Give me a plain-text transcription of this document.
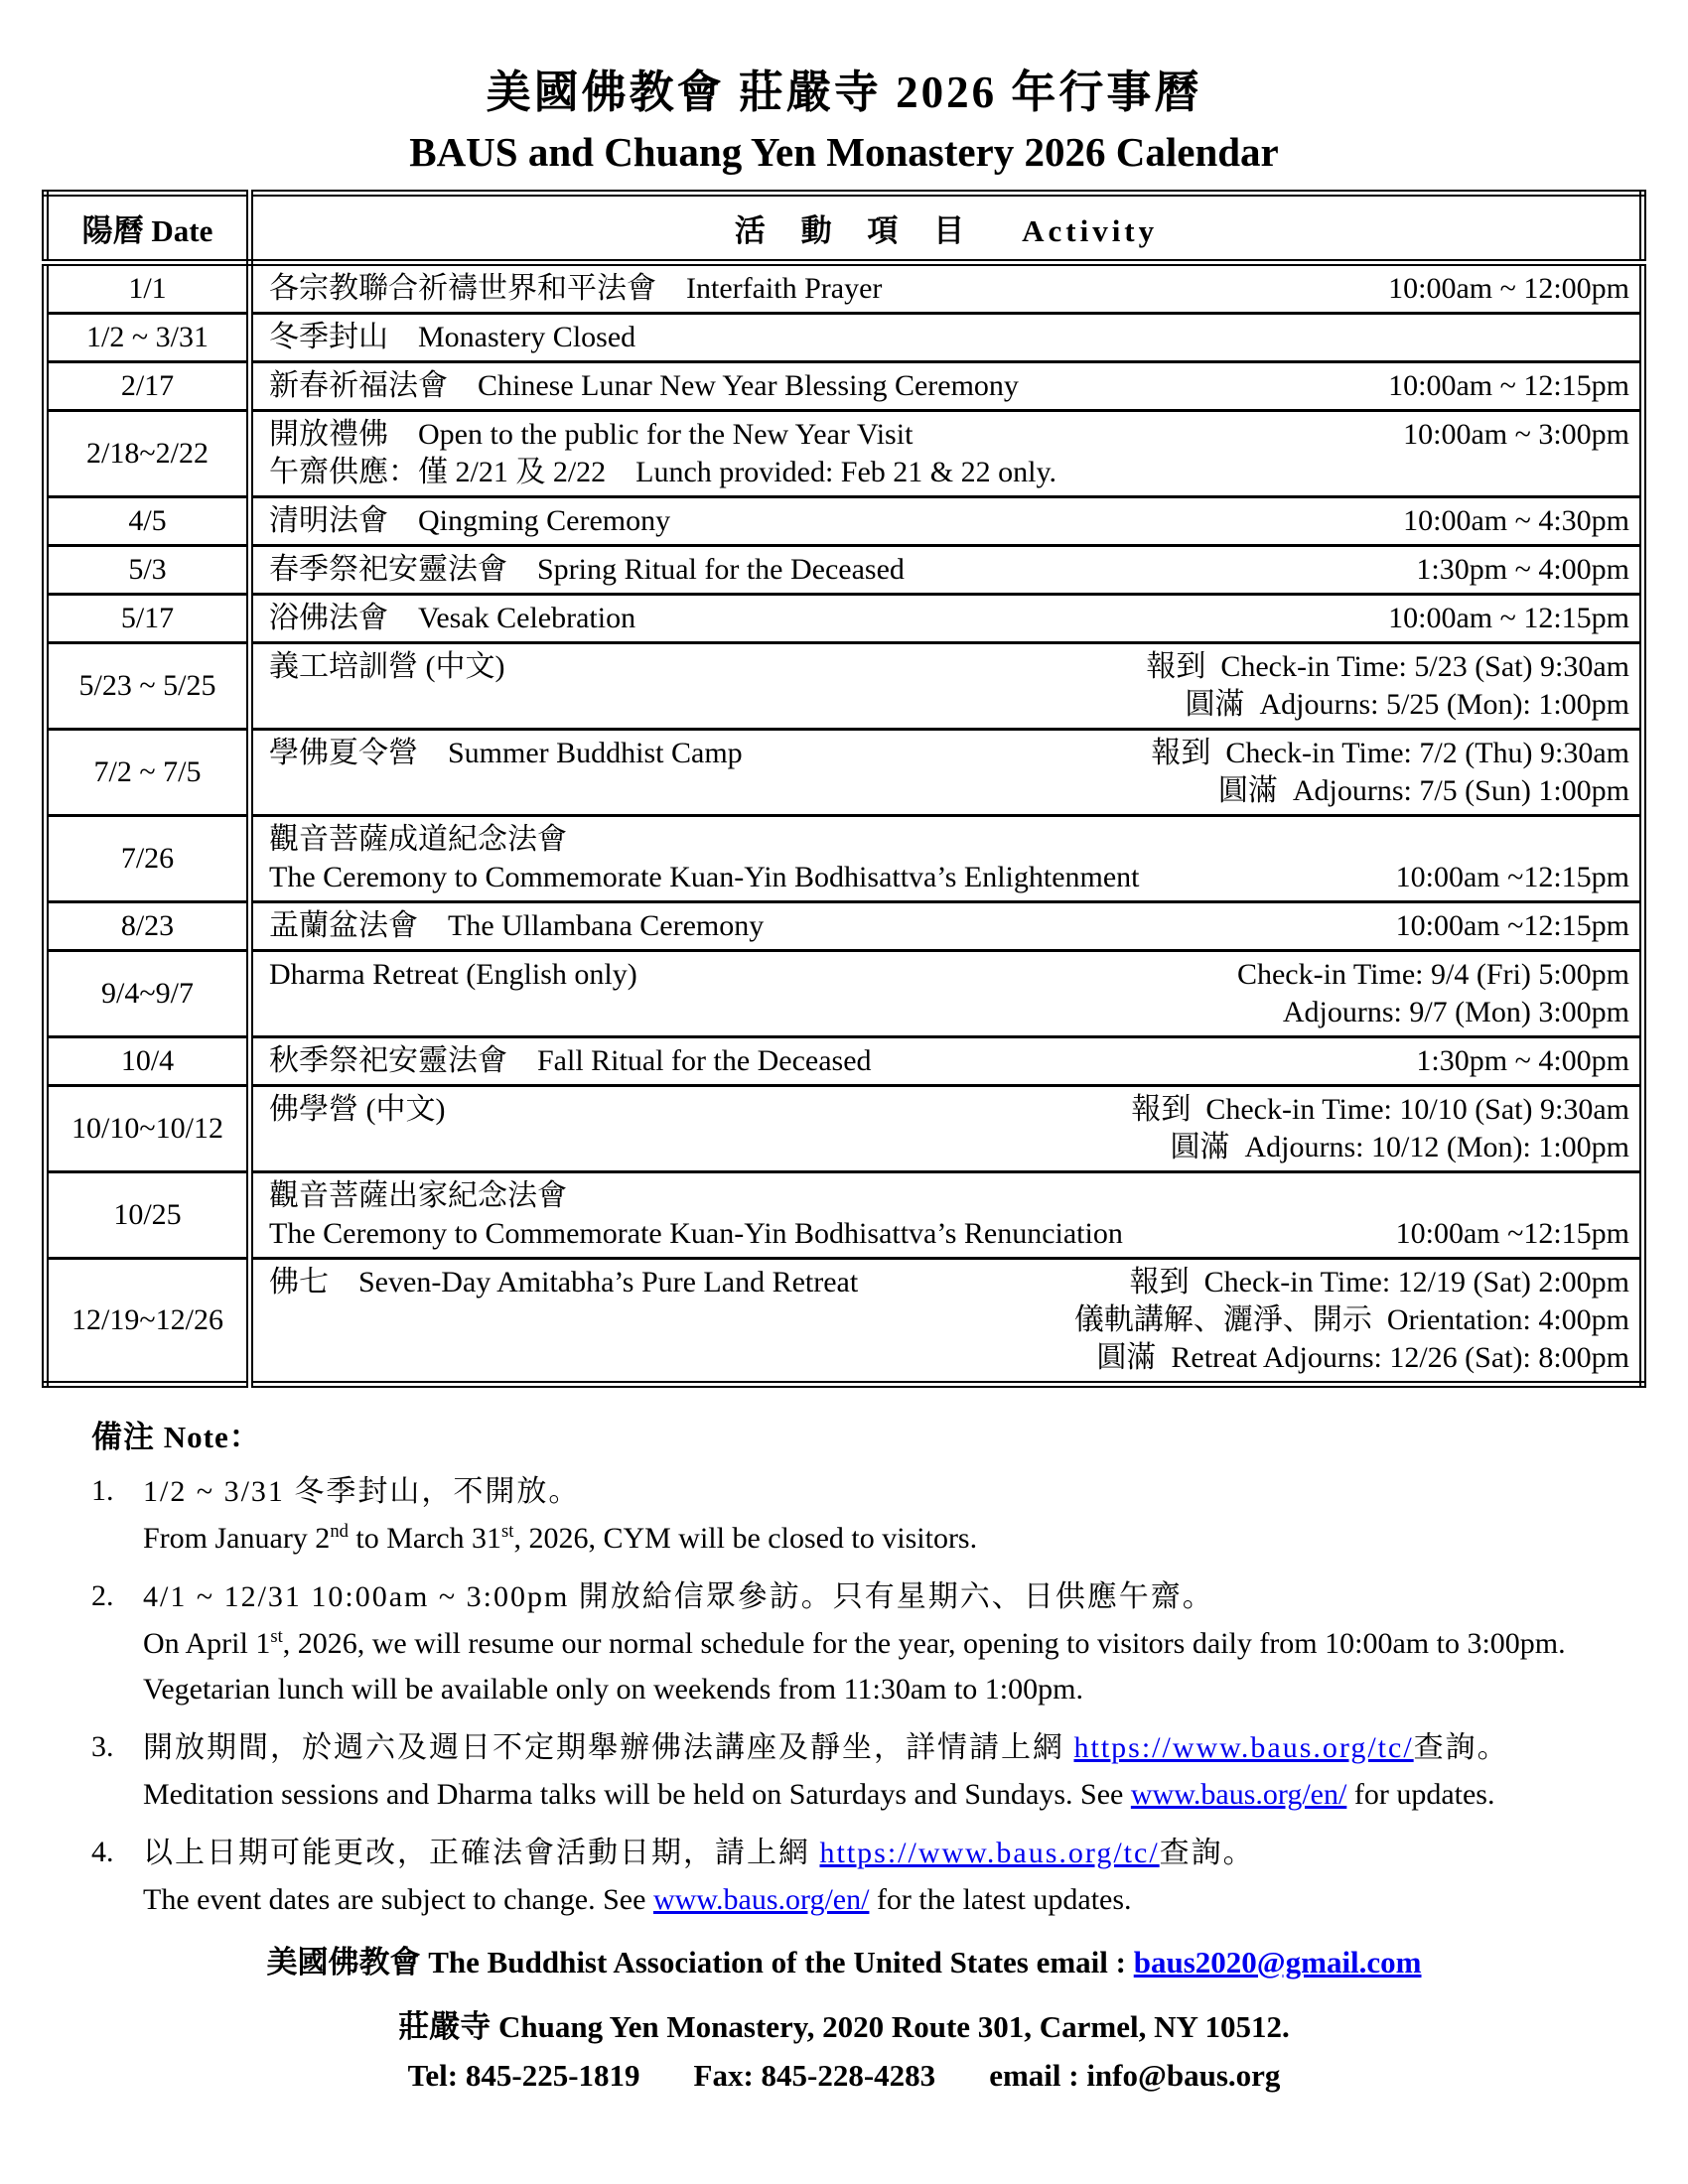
美國佛教會 莊嚴寺 2026 年行事曆
BAUS and Chuang Yen Monastery 2026 Calendar
陽曆 Date	活 動 項 目 Activity
1/1	各宗教聯合祈禱世界和平法會　Interfaith Prayer 10:00am ~ 12:00pm

1/2 ~ 3/31	冬季封山　Monastery Closed

2/17	新春祈福法會　Chinese Lunar New Year Blessing Ceremony 10:00am ~ 12:15pm

2/18~2/22	開放禮佛　Open to the public for the New Year Visit 10:00am ~ 3:00pm
午齋供應：僅 2/21 及 2/22　Lunch provided: Feb 21 & 22 only.

4/5	清明法會　Qingming Ceremony 10:00am ~ 4:30pm

5/3	春季祭祀安靈法會　Spring Ritual for the Deceased 1:30pm ~ 4:00pm

5/17	浴佛法會　Vesak Celebration 10:00am ~ 12:15pm

5/23 ~ 5/25	義工培訓營 (中文) 報到  Check-in Time: 5/23 (Sat) 9:30am
圓滿  Adjourns: 5/25 (Mon): 1:00pm

7/2 ~ 7/5	學佛夏令營　Summer Buddhist Camp 報到  Check-in Time: 7/2 (Thu) 9:30am
圓滿  Adjourns: 7/5 (Sun) 1:00pm

7/26	觀音菩薩成道紀念法會
The Ceremony to Commemorate Kuan-Yin Bodhisattva’s Enlightenment 10:00am ~12:15pm

8/23	盂蘭盆法會　The Ullambana Ceremony 10:00am ~12:15pm

9/4~9/7	Dharma Retreat (English only) Check-in Time: 9/4 (Fri) 5:00pm
Adjourns: 9/7 (Mon) 3:00pm

10/4	秋季祭祀安靈法會　Fall Ritual for the Deceased 1:30pm ~ 4:00pm

10/10~10/12	佛學營 (中文) 報到  Check-in Time: 10/10 (Sat) 9:30am
圓滿  Adjourns: 10/12 (Mon): 1:00pm

10/25	觀音菩薩出家紀念法會
The Ceremony to Commemorate Kuan-Yin Bodhisattva’s Renunciation 10:00am ~12:15pm

12/19~12/26	佛七　Seven-Day Amitabha’s Pure Land Retreat 報到  Check-in Time: 12/19 (Sat) 2:00pm
儀軌講解、灑淨、開示  Orientation: 4:00pm
圓滿  Retreat Adjourns: 12/26 (Sat): 8:00pm
備注 Note：
1. 1/2 ~ 3/31 冬季封山，不開放。
From January 2nd to March 31st, 2026, CYM will be closed to visitors.
2. 4/1 ~ 12/31 10:00am ~ 3:00pm 開放給信眾參訪。只有星期六、日供應午齋。
On April 1st, 2026, we will resume our normal schedule for the year, opening to visitors daily from 10:00am to 3:00pm.
Vegetarian lunch will be available only on weekends from 11:30am to 1:00pm.
3. 開放期間，於週六及週日不定期舉辦佛法講座及靜坐，詳情請上網 https://www.baus.org/tc/查詢。
Meditation sessions and Dharma talks will be held on Saturdays and Sundays. See www.baus.org/en/ for updates.
4. 以上日期可能更改，正確法會活動日期，請上網 https://www.baus.org/tc/查詢。
The event dates are subject to change. See www.baus.org/en/ for the latest updates.
美國佛教會 The Buddhist Association of the United States email : baus2020@gmail.com
莊嚴寺 Chuang Yen Monastery, 2020 Route 301, Carmel, NY 10512.
Tel: 845-225-1819 Fax: 845-228-4283 email : info@baus.org
